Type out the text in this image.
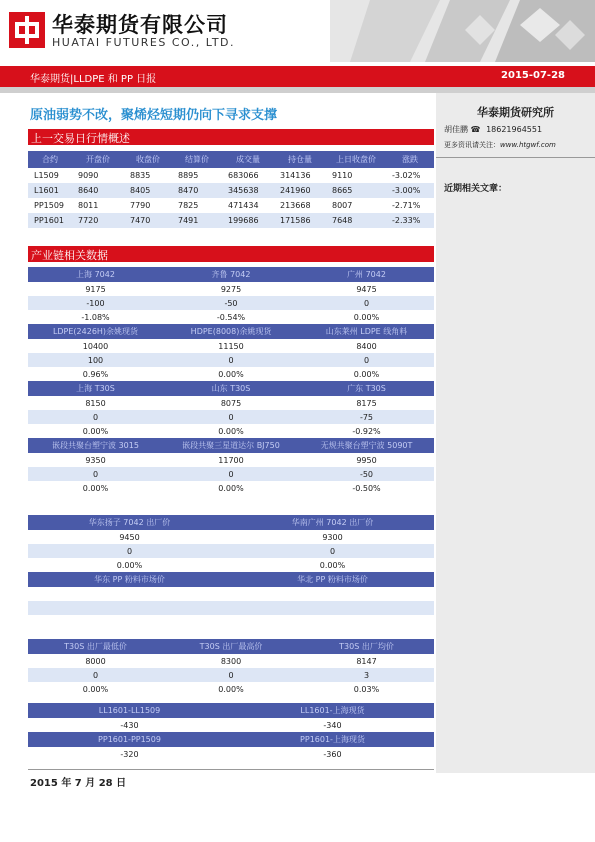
华泰期货有限公司
HUATAI FUTURES CO., LTD.
华泰期货|LLDPE 和 PP 日报	2015-07-28
华泰期货研究所
胡佳鹏 ☎ 18621964551
更多资讯请关注：www.htgwf.com
近期相关文章：
原油弱势不改，聚烯烃短期仍向下寻求支撑
上一交易日行情概述
合约	开盘价	收盘价	结算价	成交量	持仓量	上日收盘价	涨跌
L1509	9090	8835	8895	683066	314136	9110	-3.02%
L1601	8640	8405	8470	345638	241960	8665	-3.00%
PP1509	8011	7790	7825	471434	213668	8007	-2.71%
PP1601	7720	7470	7491	199686	171586	7648	-2.33%
产业链相关数据
上海 7042	齐鲁 7042	广州 7042
9175	9275	9475
-100	-50	0
-1.08%	-0.54%	0.00%
LDPE(2426H)余姚现货	HDPE(8008)余姚现货	山东莱州 LDPE 线角料
10400	11150	8400
100	0	0
0.96%	0.00%	0.00%
上海 T30S	山东 T30S	广东 T30S
8150	8075	8175
0	0	-75
0.00%	0.00%	-0.92%
嵌段共聚台塑宁波 3015	嵌段共聚三星道达尔 BJ750	无规共聚台塑宁波 5090T
9350	11700	9950
0	0	-50
0.00%	0.00%	-0.50%
华东扬子 7042 出厂价	华南广州 7042 出厂价
9450	9300
0	0
0.00%	0.00%
华东 PP 粉料市场价	华北 PP 粉料市场价

T30S 出厂最低价	T30S 出厂最高价	T30S 出厂均价
8000	8300	8147
0	0	3
0.00%	0.00%	0.03%
LL1601-LL1509	LL1601-上海现货
-430	-340
PP1601-PP1509	PP1601-上海现货
-320	-360
2015 年 7 月 28 日
